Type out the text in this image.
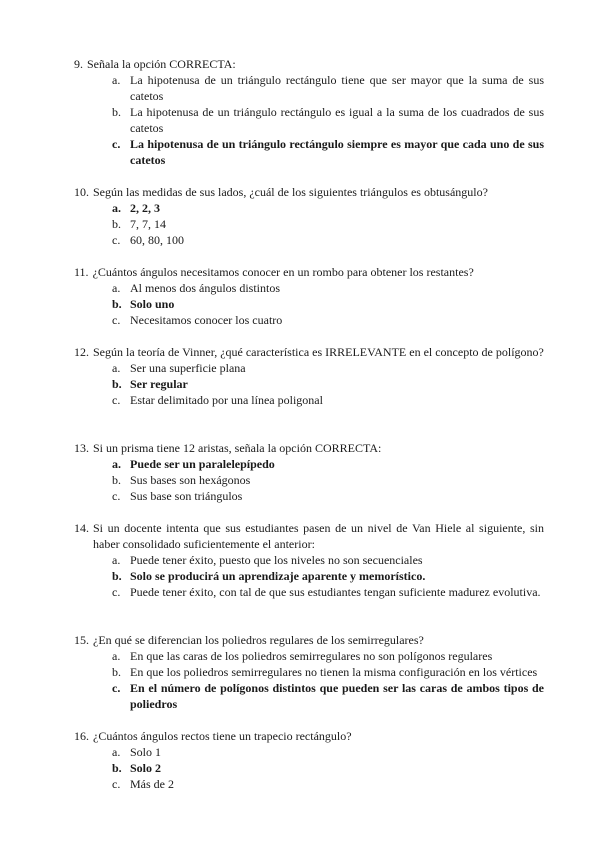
9. Señala la opción CORRECTA:
a. La hipotenusa de un triángulo rectángulo tiene que ser mayor que la suma de sus catetos
b. La hipotenusa de un triángulo rectángulo es igual a la suma de los cuadrados de sus catetos
c. La hipotenusa de un triángulo rectángulo siempre es mayor que cada uno de sus catetos
10. Según las medidas de sus lados, ¿cuál de los siguientes triángulos es obtusángulo?
a. 2, 2, 3
b. 7, 7, 14
c. 60, 80, 100
11. ¿Cuántos ángulos necesitamos conocer en un rombo para obtener los restantes?
a. Al menos dos ángulos distintos
b. Solo uno
c. Necesitamos conocer los cuatro
12. Según la teoría de Vinner, ¿qué característica es IRRELEVANTE en el concepto de polígono?
a. Ser una superficie plana
b. Ser regular
c. Estar delimitado por una línea poligonal
13. Si un prisma tiene 12 aristas, señala la opción CORRECTA:
a. Puede ser un paralelepípedo
b. Sus bases son hexágonos
c. Sus base son triángulos
14. Si un docente intenta que sus estudiantes pasen de un nivel de Van Hiele al siguiente, sin haber consolidado suficientemente el anterior:
a. Puede tener éxito, puesto que los niveles no son secuenciales
b. Solo se producirá un aprendizaje aparente y memorístico.
c. Puede tener éxito, con tal de que sus estudiantes tengan suficiente madurez evolutiva.
15. ¿En qué se diferencian los poliedros regulares de los semirregulares?
a. En que las caras de los poliedros semirregulares no son polígonos regulares
b. En que los poliedros semirregulares no tienen la misma configuración en los vértices
c. En el número de polígonos distintos que pueden ser las caras de ambos tipos de poliedros
16. ¿Cuántos ángulos rectos tiene un trapecio rectángulo?
a. Solo 1
b. Solo 2
c. Más de 2
